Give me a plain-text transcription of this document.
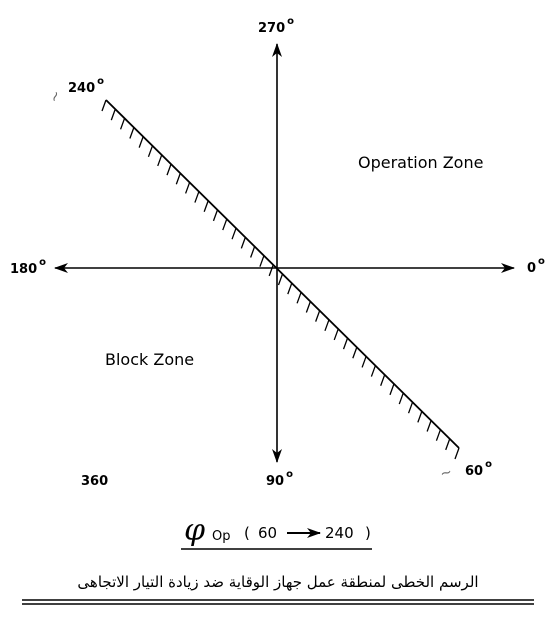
270 $^o$
0 $^o$
180 $^o$
90 $^o$
240 $^o$
60 $^o$
360
~
~
Operation Zone
Block Zone
φ Op ( 60	240 )
الرسم الخطى لمنطقة عمل جهاز الوقاية ضد زيادة التيار الاتجاهى
